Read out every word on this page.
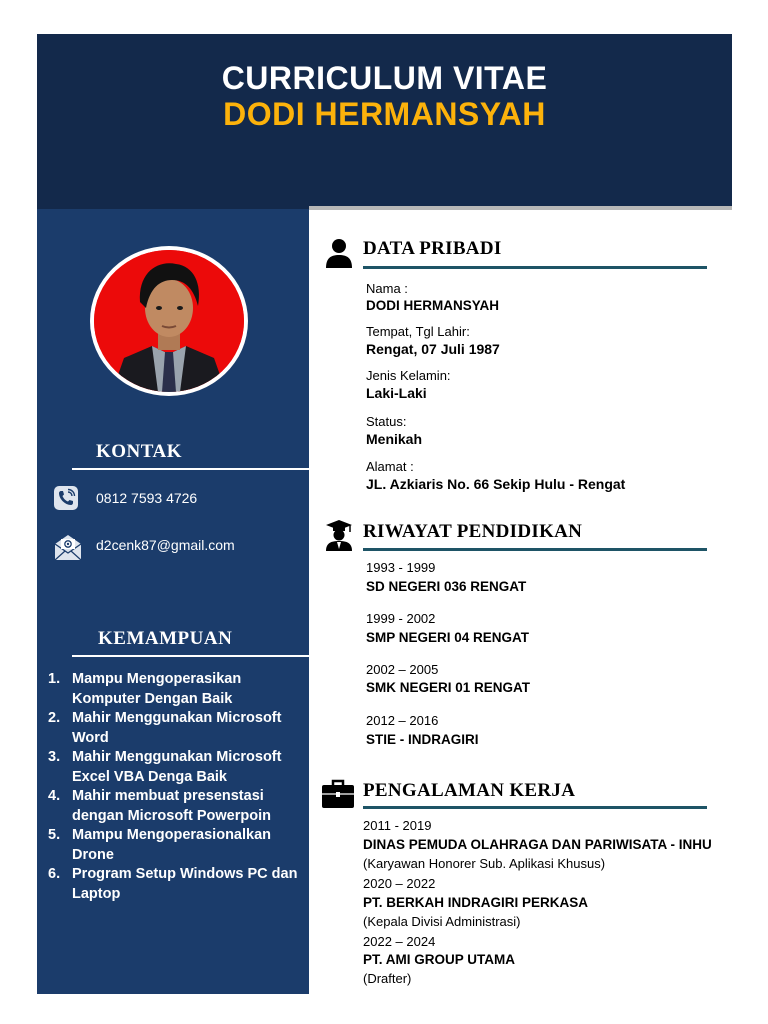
CURRICULUM VITAE
DODI HERMANSYAH
KONTAK
0812 7593 4726
d2cenk87@gmail.com
KEMAMPUAN
1. Mampu Mengoperasikan Komputer Dengan Baik
2. Mahir Menggunakan Microsoft Word
3. Mahir Menggunakan Microsoft Excel VBA Denga Baik
4. Mahir membuat presenstasi dengan Microsoft Powerpoin
5. Mampu Mengoperasionalkan Drone
6. Program Setup Windows PC dan Laptop
DATA PRIBADI
Nama :
DODI HERMANSYAH
Tempat, Tgl Lahir:
Rengat, 07 Juli 1987
Jenis Kelamin:
Laki-Laki
Status:
Menikah
Alamat :
JL. Azkiaris No. 66 Sekip Hulu - Rengat
RIWAYAT PENDIDIKAN
1993 - 1999
SD NEGERI 036 RENGAT
1999 - 2002
SMP NEGERI 04 RENGAT
2002 – 2005
SMK NEGERI 01 RENGAT
2012 – 2016
STIE - INDRAGIRI
PENGALAMAN KERJA
2011 - 2019
DINAS PEMUDA OLAHRAGA DAN PARIWISATA - INHU
(Karyawan Honorer Sub. Aplikasi Khusus)
2020 – 2022
PT. BERKAH INDRAGIRI PERKASA
(Kepala Divisi Administrasi)
2022 – 2024
PT. AMI GROUP UTAMA
(Drafter)
